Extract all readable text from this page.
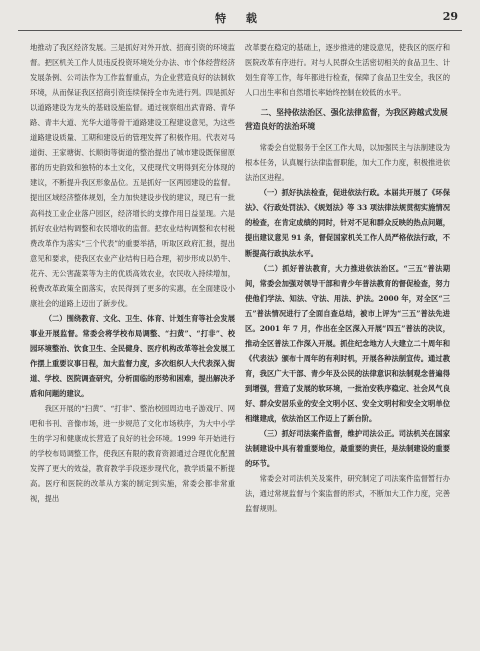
特 载	29

地推动了我区经济发展。三是抓好对外开放、招商引资的环境监督。把区机关工作人员违反投资环境处分办法、市个体经营经济发展条例、公司法作为工作监督重点，为企业营造良好的法制软环境，从而保证我区招商引资连续保持全市先进行列。四是抓好以道路建设为龙头的基础设施监督。通过视察组出武青路、青华路、青丰大道、光华大道等骨干道路建设工程建设意见，为这些道路建设质量、工期和建设后的管理发挥了积极作用。代表对马道街、王家塘街、长顺街等街道的整治提出了城市建设既保留原都的历史韵致和独特的本土文化，又使现代文明得到充分体现的建议，不断提升我区形象品位。五是抓好一区两园建设的监督。提出区域经济整体规划，全力加快建设步伐的建议，现已有一批高科技工业企业落户园区，经济增长的支撑作用日益显现。六是抓好农业结构调整和农民增收的监督。把农业结构调整和农村税费改革作为落实“三个代表”的重要举措，听取区政府汇报，提出意见和要求，使我区农业产业结构日趋合理，初步形成以奶牛、花卉、无公害蔬菜等为主的优质高效农业，农民收入持续增加，税费改革政策全面落实，农民得到了更多的实惠，在全面建设小康社会的道路上迈出了新步伐。

（二）围绕教育、文化、卫生、体育、计划生育等社会发展事业开展监督。常委会将学校布局调整、“扫黄”、“打非”、校园环境整治、饮食卫生、全民健身、医疗机构改革等社会发展工作摆上重要议事日程，加大监督力度，多次组织人大代表深入街道、学校、医院调查研究，分析面临的形势和困难，提出解决矛盾和问题的建议。

我区开展的“扫黄”、“打非”、整治校园周边电子游戏厅、网吧和书刊、音像市场，进一步规范了文化市场秩序，为大中小学生的学习和健康成长营造了良好的社会环境。1999 年开始进行的学校布局调整工作，使我区有限的教育资源通过合理优化配置发挥了更大的效益，教育教学手段逐步现代化，教学质量不断提高。医疗和医院的改革从方案的制定到实施，常委会都非常重视，提出

改革要在稳定的基础上，逐步推进的建设意见，使我区的医疗和医院改革有序进行。对与人民群众生活密切相关的食品卫生、计划生育等工作，每年都进行检查，保障了食品卫生安全，我区的人口出生率和自然增长率始终控制在较低的水平。

二、坚持依法治区、强化法律监督，为我区跨越式发展营造良好的法治环境

常委会自觉服务于全区工作大局，以加强民主与法制建设为根本任务，认真履行法律监督职能，加大工作力度，积极推进依法治区进程。

（一）抓好执法检查，促进依法行政。本届共开展了《环保法》、《行政处罚法》、《规划法》等 33 项法律法规贯彻实施情况的检查，在肯定成绩的同时，针对不足和群众反映的热点问题，提出建议意见 91 条，督促国家机关工作人员严格依法行政，不断提高行政执法水平。

（二）抓好普法教育，大力推进依法治区。“三五”普法期间，常委会加强对领导干部和青少年普法教育的督促检查，努力使他们学法、知法、守法、用法、护法。2000 年，对全区“三五”普法情况进行了全面自查总结，被市上评为“三五”普法先进区。2001 年 7 月，作出在全区深入开展“四五”普法的决议，推动全区普法工作深入开展。抓住纪念地方人大建立二十周年和《代表法》颁布十周年的有利时机，开展各种法制宣传。通过教育，我区广大干部、青少年及公民的法律意识和法制观念普遍得到增强，营造了发展的软环境，一批治安秩序稳定、社会风气良好、群众安居乐业的安全文明小区、安全文明村和安全文明单位相继建成，依法治区工作迈上了新台阶。

（三）抓好司法案件监督，维护司法公正。司法机关在国家法制建设中具有着重要地位，最重要的责任，是法制建设的重要的环节。

常委会对司法机关及案件，研究制定了司法案件监督暂行办法，通过常规监督与个案监督的形式，不断加大工作力度，完善监督规则。
